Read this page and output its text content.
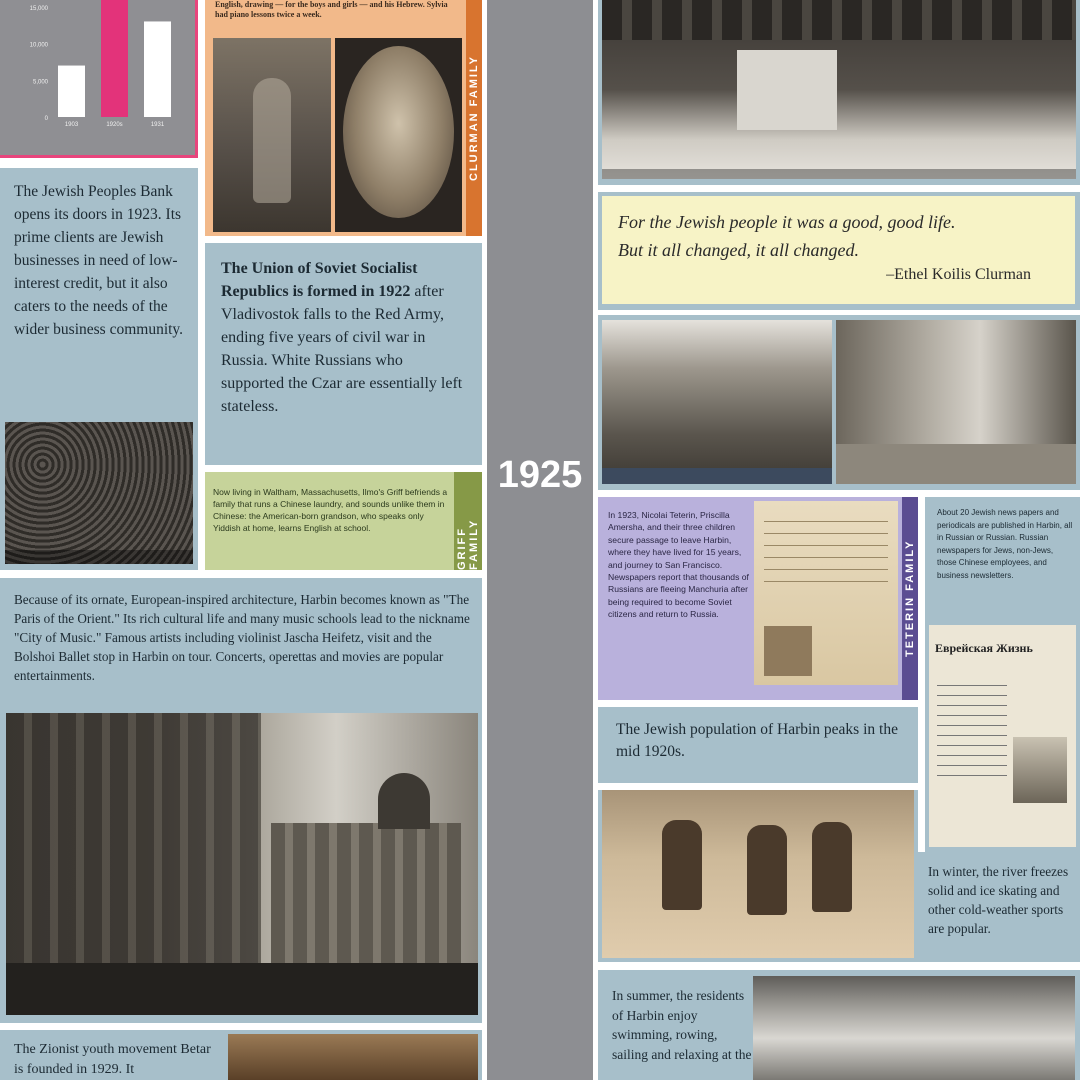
1925
15,000
10,000
5,000
0
1903	1920s	1931
English, drawing — for the boys and girls — and his Hebrew. Sylvia had piano lessons twice a week.
CLURMAN FAMILY
The Jewish Peoples Bank opens its doors in 1923. Its prime clients are Jewish businesses in need of low-interest credit, but it also caters to the needs of the wider business community.
The Union of Soviet Socialist Republics is formed in 1922 after Vladivostok falls to the Red Army, ending five years of civil war in Russia. White Russians who supported the Czar are essentially left stateless.
Now living in Waltham, Massachusetts, Ilmo's Griff befriends a family that runs a Chinese laundry, and sounds unlike them in Chinese: the American-born grandson, who speaks only Yiddish at home, learns English at school.	GRIFF FAMILY
Because of its ornate, European-inspired architecture, Harbin becomes known as "The Paris of the Orient." Its rich cultural life and many music schools lead to the nickname "City of Music." Famous artists including violinist Jascha Heifetz, visit and the Bolshoi Ballet stop in Harbin on tour. Concerts, operettas and movies are popular entertainments.
The Zionist youth movement Betar is founded in 1929. It
For the Jewish people it was a good, good life.
But it all changed, it all changed.
–Ethel Koilis Clurman
In 1923, Nicolai Teterin, Priscilla Amersha, and their three children secure passage to leave Harbin, where they have lived for 15 years, and journey to San Francisco. Newspapers report that thousands of Russians are fleeing Manchuria after being required to become Soviet citizens and return to Russia.	TETERIN FAMILY
About 20 Jewish news papers and periodicals are published in Harbin, all in Russian or Russian. Russian newspapers for Jews, non-Jews, those Chinese employees, and business newsletters.
Еврейская Жизнь
The Jewish population of Harbin peaks in the mid 1920s.
In winter, the river freezes solid and ice skating and other cold-weather sports are popular.
In summer, the residents of Harbin enjoy swimming, rowing, sailing and relaxing at the
